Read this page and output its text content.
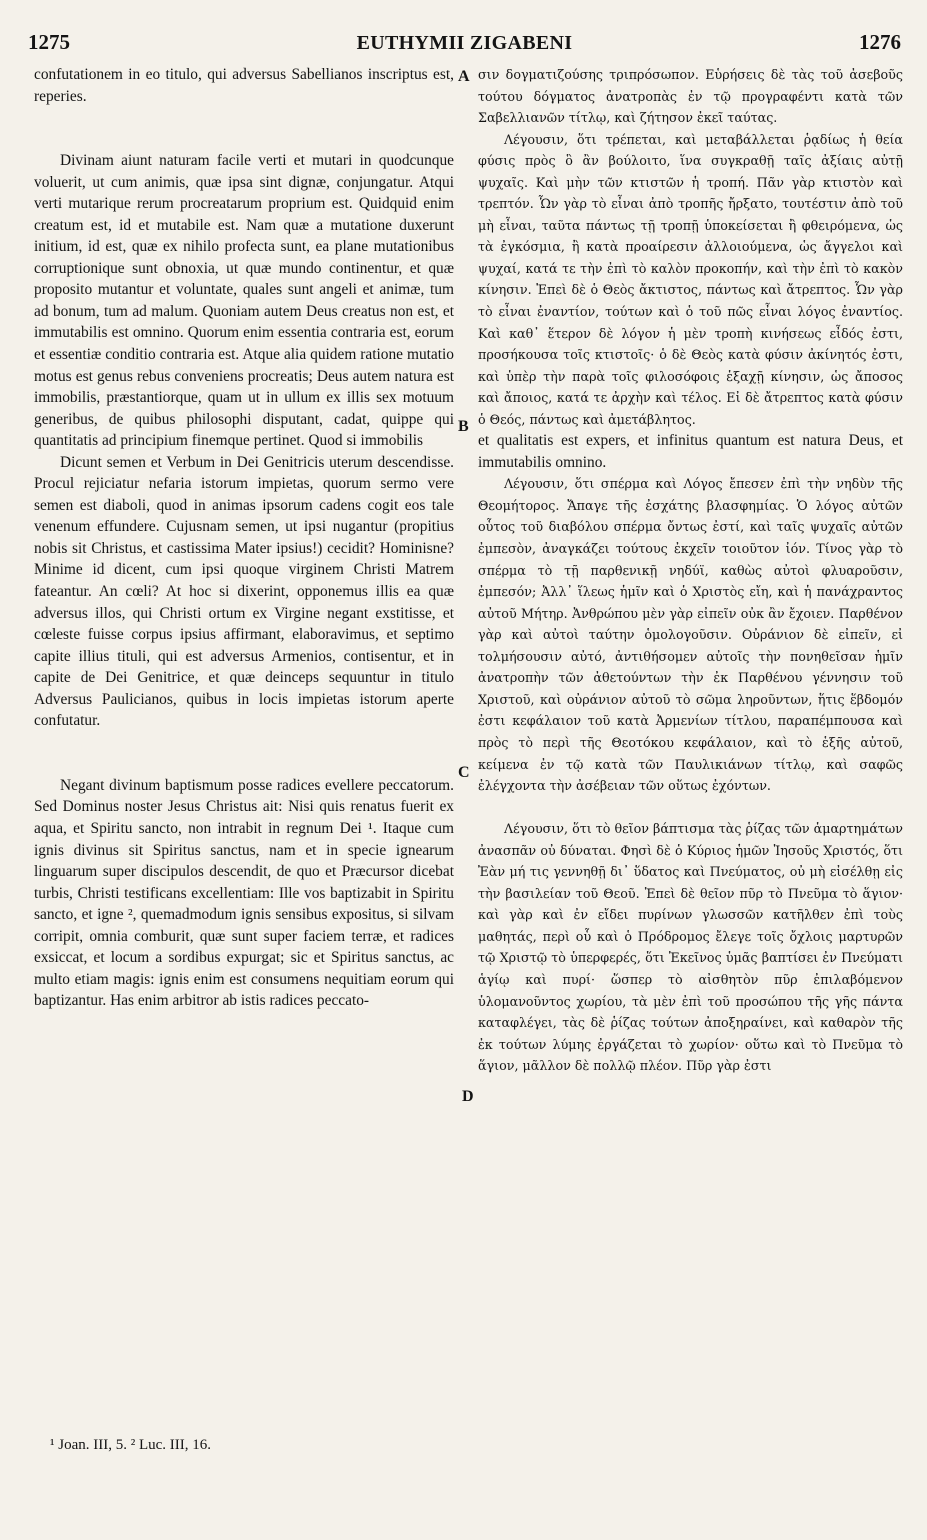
1275	EUTHYMII ZIGABENI	1276

confutationem in eo titulo, qui adversus Sabellianos inscriptus est, reperies.

Divinam aiunt naturam facile verti et mutari in quodcunque voluerit, ut cum animis, quæ ipsa sint dignæ, conjungatur. Atqui verti mutarique rerum procreatarum proprium est. Quidquid enim creatum est, id et mutabile est. Nam quæ a mutatione duxerunt initium, id est, quæ ex nihilo profecta sunt, ea plane mutationibus corruptionique sunt obnoxia, ut quæ mundo continentur, et quæ proposito mutantur et voluntate, quales sunt angeli et animæ, tum ad bonum, tum ad malum. Quoniam autem Deus creatus non est, et immutabilis est omnino. Quorum enim essentia contraria est, eorum et essentiæ conditio contraria est. Atque alia quidem ratione mutatio motus est genus rebus conveniens procreatis; Deus autem natura est immobilis, præstantiorque, quam ut in ullum ex illis sex motuum generibus, de quibus philosophi disputant, cadat, quippe qui quantitatis ad principium finemque pertinet. Quod si immobilis

Dicunt semen et Verbum in Dei Genitricis uterum descendisse. Procul rejiciatur nefaria istorum impietas, quorum sermo vere semen est diaboli, quod in animas ipsorum cadens cogit eos tale venenum effundere. Cujusnam semen, ut ipsi nugantur (propitius nobis sit Christus, et castissima Mater ipsius!) cecidit? Hominisne? Minime id dicent, cum ipsi quoque virginem Christi Matrem fateantur. An cœli? At hoc si dixerint, opponemus illis ea quæ adversus illos, qui Christi ortum ex Virgine negant exstitisse, et cœleste fuisse corpus ipsius affirmant, elaboravimus, et septimo capite illius tituli, qui est adversus Armenios, contisentur, et in capite de Dei Genitrice, et quæ deinceps sequuntur in titulo Adversus Paulicianos, quibus in locis impietas istorum aperte confutatur.

Negant divinum baptismum posse radices evellere peccatorum. Sed Dominus noster Jesus Christus ait: Nisi quis renatus fuerit ex aqua, et Spiritu sancto, non intrabit in regnum Dei ¹. Itaque cum ignis divinus sit Spiritus sanctus, nam et in specie ignearum linguarum super discipulos descendit, de quo et Præcursor dicebat turbis, Christi testificans excellentiam: Ille vos baptizabit in Spiritu sancto, et igne ², quemadmodum ignis sensibus expositus, si silvam corripit, omnia comburit, quæ sunt super faciem terræ, et radices exsiccat, et locum a sordibus expurgat; sic et Spiritus sanctus, ac multo etiam magis: ignis enim est consumens nequitiam eorum qui baptizantur. Has enim arbitror ab istis radices peccato-

σιν δογματιζούσης τριπρόσωπον. Εὑρήσεις δὲ τὰς τοῦ ἀσεβοῦς τούτου δόγματος ἀνατροπὰς ἐν τῷ προγραφέντι κατὰ τῶν Σαβελλιανῶν τίτλῳ, καὶ ζήτησον ἐκεῖ ταύτας.

Λέγουσιν, ὅτι τρέπεται, καὶ μεταβάλλεται ῥᾳδίως ἡ θεία φύσις πρὸς ὃ ἂν βούλοιτο, ἵνα συγκραθῇ ταῖς ἀξίαις αὐτῇ ψυχαῖς. Καὶ μὴν τῶν κτιστῶν ἡ τροπή. Πᾶν γὰρ κτιστὸν καὶ τρεπτόν. Ὧν γὰρ τὸ εἶναι ἀπὸ τροπῆς ἤρξατο, τουτέστιν ἀπὸ τοῦ μὴ εἶναι, ταῦτα πάντως τῇ τροπῇ ὑποκείσεται ἢ φθειρόμενα, ὡς τὰ ἐγκόσμια, ἢ κατὰ προαίρεσιν ἀλλοιούμενα, ὡς ἄγγελοι καὶ ψυχαί, κατά τε τὴν ἐπὶ τὸ καλὸν προκοπήν, καὶ τὴν ἐπὶ τὸ κακὸν κίνησιν. Ἐπεὶ δὲ ὁ Θεὸς ἄκτιστος, πάντως καὶ ἄτρεπτος. Ὧν γὰρ τὸ εἶναι ἐναντίον, τούτων καὶ ὁ τοῦ πῶς εἶναι λόγος ἐναντίος. Καὶ καθ᾽ ἕτερον δὲ λόγον ἡ μὲν τροπὴ κινήσεως εἶδός ἐστι, προσήκουσα τοῖς κτιστοῖς· ὁ δὲ Θεὸς κατὰ φύσιν ἀκίνητός ἐστι, καὶ ὑπὲρ τὴν παρὰ τοῖς φιλοσόφοις ἑξαχῇ κίνησιν, ὡς ἄποσος καὶ ἄποιος, κατά τε ἀρχὴν καὶ τέλος. Εἰ δὲ ἄτρεπτος κατὰ φύσιν ὁ Θεός, πάντως καὶ ἀμετάβλητος.

et qualitatis est expers, et infinitus quantum est natura Deus, et immutabilis omnino.

Λέγουσιν, ὅτι σπέρμα καὶ Λόγος ἔπεσεν ἐπὶ τὴν νηδὺν τῆς Θεομήτορος. Ἄπαγε τῆς ἐσχάτης βλασφημίας. Ὁ λόγος αὐτῶν οὗτος τοῦ διαβόλου σπέρμα ὄντως ἐστί, καὶ ταῖς ψυχαῖς αὐτῶν ἐμπεσὸν, ἀναγκάζει τούτους ἐκχεῖν τοιοῦτον ἰόν. Τίνος γὰρ τὸ σπέρμα τὸ τῇ παρθενικῇ νηδύϊ, καθὼς αὐτοὶ φλυαροῦσιν, ἐμπεσόν; Ἀλλ᾽ ἵλεως ἡμῖν καὶ ὁ Χριστὸς εἴη, καὶ ἡ πανάχραντος αὐτοῦ Μήτηρ. Ἀνθρώπου μὲν γὰρ εἰπεῖν οὐκ ἂν ἔχοιεν. Παρθένον γὰρ καὶ αὐτοὶ ταύτην ὁμολογοῦσιν. Οὐράνιον δὲ εἰπεῖν, εἰ τολμήσουσιν αὐτό, ἀντιθήσομεν αὐτοῖς τὴν πονηθεῖσαν ἡμῖν ἀνατροπὴν τῶν ἀθετούντων τὴν ἐκ Παρθένου γέννησιν τοῦ Χριστοῦ, καὶ οὐράνιον αὐτοῦ τὸ σῶμα ληροῦντων, ἥτις ἕβδομόν ἐστι κεφάλαιον τοῦ κατὰ Ἀρμενίων τίτλου, παραπέμπουσα καὶ πρὸς τὸ περὶ τῆς Θεοτόκου κεφάλαιον, καὶ τὸ ἑξῆς αὐτοῦ, κείμενα ἐν τῷ κατὰ τῶν Παυλικιάνων τίτλῳ, καὶ σαφῶς ἐλέγχοντα τὴν ἀσέβειαν τῶν οὕτως ἐχόντων.

Λέγουσιν, ὅτι τὸ θεῖον βάπτισμα τὰς ῥίζας τῶν ἁμαρτημάτων ἀνασπᾶν οὐ δύναται. Φησὶ δὲ ὁ Κύριος ἡμῶν Ἰησοῦς Χριστός, ὅτι Ἐὰν μή τις γεννηθῇ δι᾽ ὕδατος καὶ Πνεύματος, οὐ μὴ εἰσέλθῃ εἰς τὴν βασιλείαν τοῦ Θεοῦ. Ἐπεὶ δὲ θεῖον πῦρ τὸ Πνεῦμα τὸ ἅγιον· καὶ γὰρ καὶ ἐν εἴδει πυρίνων γλωσσῶν κατῆλθεν ἐπὶ τοὺς μαθητάς, περὶ οὗ καὶ ὁ Πρόδρομος ἔλεγε τοῖς ὄχλοις μαρτυρῶν τῷ Χριστῷ τὸ ὑπερφερές, ὅτι Ἐκεῖνος ὑμᾶς βαπτίσει ἐν Πνεύματι ἁγίῳ καὶ πυρί· ὥσπερ τὸ αἰσθητὸν πῦρ ἐπιλαβόμενον ὑλομανοῦντος χωρίου, τὰ μὲν ἐπὶ τοῦ προσώπου τῆς γῆς πάντα καταφλέγει, τὰς δὲ ῥίζας τούτων ἀποξηραίνει, καὶ καθαρὸν τῆς ἐκ τούτων λύμης ἐργάζεται τὸ χωρίον· οὕτω καὶ τὸ Πνεῦμα τὸ ἅγιον, μᾶλλον δὲ πολλῷ πλέον. Πῦρ γὰρ ἐστι

A
B
C
D
¹ Joan. III, 5. ² Luc. III, 16.
